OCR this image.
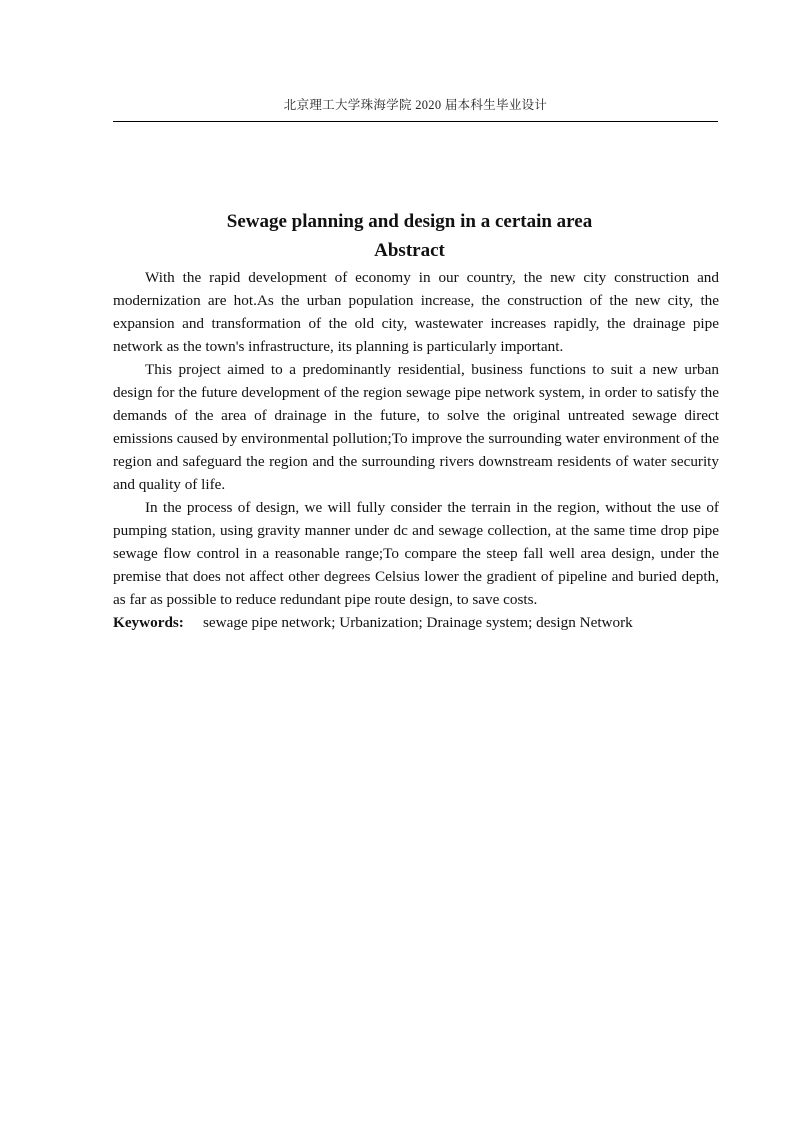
北京理工大学珠海学院 2020 届本科生毕业设计
Sewage planning and design in a certain area
Abstract

With the rapid development of economy in our country, the new city construction and modernization are hot.As the urban population increase, the construction of the new city, the expansion and transformation of the old city, wastewater increases rapidly, the drainage pipe network as the town's infrastructure, its planning is particularly important.

This project aimed to a predominantly residential, business functions to suit a new urban design for the future development of the region sewage pipe network system, in order to satisfy the demands of the area of drainage in the future, to solve the original untreated sewage direct emissions caused by environmental pollution;To improve the surrounding water environment of the region and safeguard the region and the surrounding rivers downstream residents of water security and quality of life.

In the process of design, we will fully consider the terrain in the region, without the use of pumping station, using gravity manner under dc and sewage collection, at the same time drop pipe sewage flow control in a reasonable range;To compare the steep fall well area design, under the premise that does not affect other degrees Celsius lower the gradient of pipeline and buried depth, as far as possible to reduce redundant pipe route design, to save costs.

Keywords: sewage pipe network; Urbanization; Drainage system; design Network
